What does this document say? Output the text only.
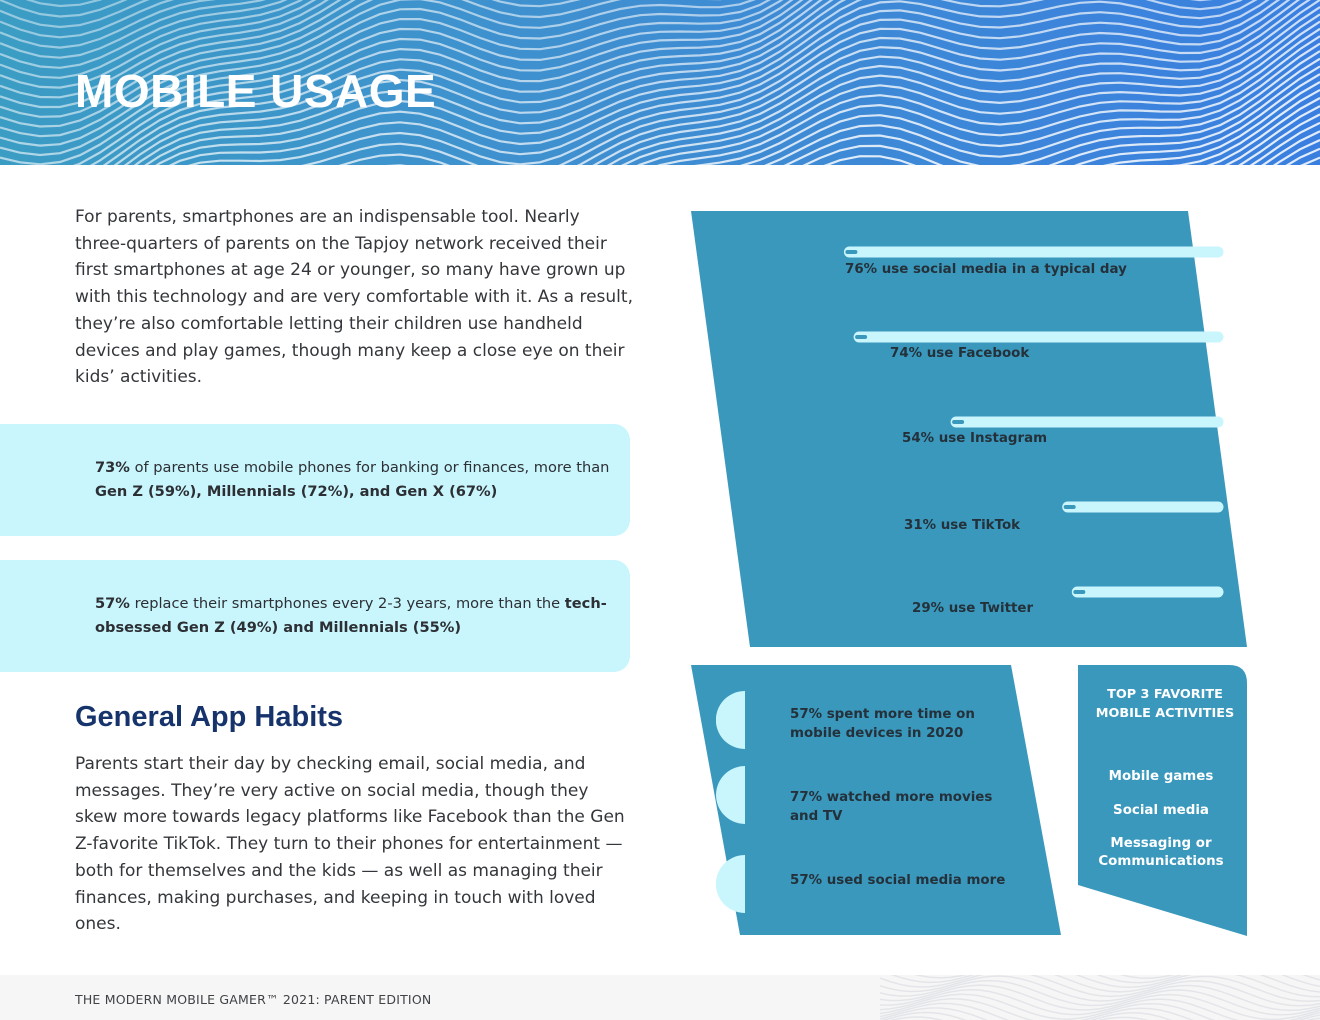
MOBILE USAGE

For parents, smartphones are an indispensable tool. Nearly three-quarters of parents on the Tapjoy network received their first smartphones at age 24 or younger, so many have grown up with this technology and are very comfortable with it. As a result, they’re also comfortable letting their children use handheld devices and play games, though many keep a close eye on their kids’ activities.

73% of parents use mobile phones for banking or finances, more than Gen Z (59%), Millennials (72%), and Gen X (67%)
57% replace their smartphones every 2-3 years, more than the tech-obsessed Gen Z (49%) and Millennials (55%)
General App Habits

Parents start their day by checking email, social media, and messages. They’re very active on social media, though they skew more towards legacy platforms like Facebook than the Gen Z-favorite TikTok. They turn to their phones for entertainment — both for themselves and the kids — as well as managing their finances, making purchases, and keeping in touch with loved ones.

76% use social media in a typical day
74% use Facebook
54% use Instagram
31% use TikTok
29% use Twitter
57% spent more time on mobile devices in 2020
77% watched more movies and TV
57% used social media more
TOP 3 FAVORITE MOBILE ACTIVITIES
Mobile games
Social media
Messaging or Communications
THE MODERN MOBILE GAMER™ 2021: PARENT EDITION
